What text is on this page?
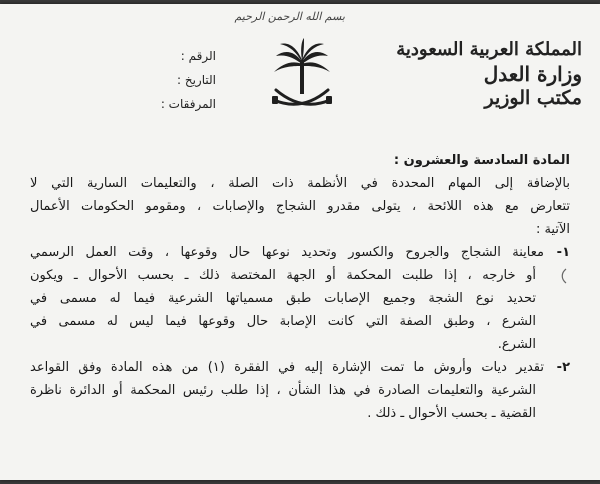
بسم الله الرحمن الرحيم
المملكة العربية السعودية
وزارة العدل
مكتب الوزير
الرقم :
التاريخ :
المرفقات :
المادة السادسة والعشرون :
بالإضافة إلى المهام المحددة في الأنظمة ذات الصلة ، والتعليمات السارية التي لا
تتعارض مع هذه اللائحة ، يتولى مقدرو الشجاج والإصابات ، ومقومو الحكومات الأعمال
الآتية :
١-معاينة الشجاج والجروح والكسور وتحديد نوعها حال وقوعها ، وقت العمل الرسمي
أو خارجه ، إذا طلبت المحكمة أو الجهة المختصة ذلك ـ بحسب الأحوال ـ ويكون
تحديد نوع الشجة وجميع الإصابات طبق مسمياتها الشرعية فيما له مسمى في
الشرع ، وطبق الصفة التي كانت الإصابة حال وقوعها فيما ليس له مسمى في
الشرع.
٢-تقدير ديات وأروش ما تمت الإشارة إليه في الفقرة (١) من هذه المادة وفق القواعد
الشرعية والتعليمات الصادرة في هذا الشأن ، إذا طلب رئيس المحكمة أو الدائرة ناظرة
القضية ـ بحسب الأحوال ـ ذلك .
